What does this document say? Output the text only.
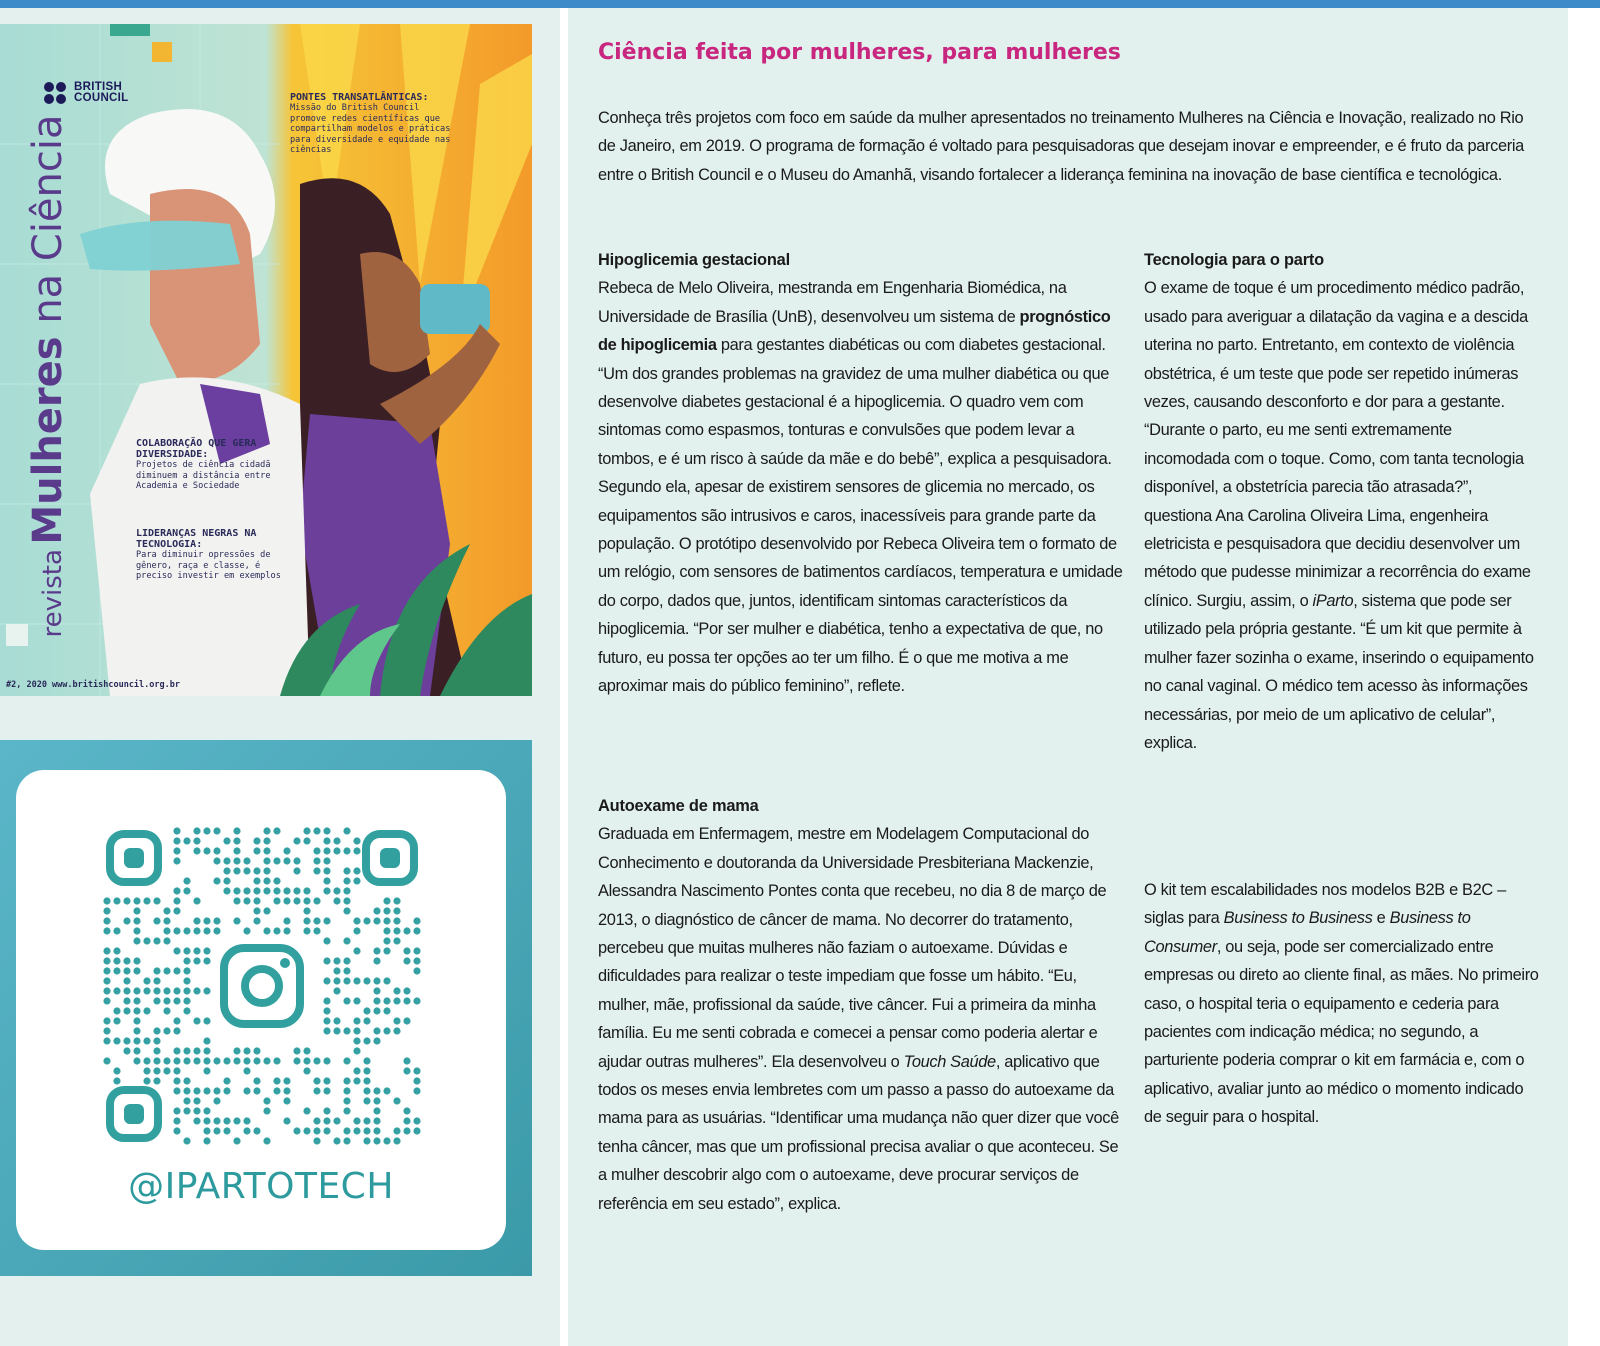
BRITISH
COUNCIL
revista Mulheres na Ciência
PONTES TRANSATLÂNTICAS:
Missão do British Council promove redes científicas que compartilham modelos e práticas para diversidade e equidade nas ciências
COLABORAÇÃO QUE GERA DIVERSIDADE:
Projetos de ciência cidadã diminuem a distância entre Academia e Sociedade
LIDERANÇAS NEGRAS NA TECNOLOGIA:
Para diminuir opressões de gênero, raça e classe, é preciso investir em exemplos
#2, 2020 www.britishcouncil.org.br
@IPARTOTECH
Ciência feita por mulheres, para mulheres

Conheça três projetos com foco em saúde da mulher apresentados no treinamento Mulheres na Ciência e Inovação, realizado no Rio de Janeiro, em 2019. O programa de formação é voltado para pesquisadoras que desejam inovar e empreender, e é fruto da parceria entre o British Council e o Museu do Amanhã, visando fortalecer a liderança feminina na inovação de base científica e tecnológica.

Hipoglicemia gestacional

Rebeca de Melo Oliveira, mestranda em Engenharia Biomédica, na Universidade de Brasília (UnB), desenvolveu um sistema de prognóstico de hipoglicemia para gestantes diabéticas ou com diabetes gestacional. “Um dos grandes problemas na gravidez de uma mulher diabética ou que desenvolve diabetes gestacional é a hipoglicemia. O quadro vem com sintomas como espasmos, tonturas e convulsões que podem levar a tombos, e é um risco à saúde da mãe e do bebê”, explica a pesquisadora. Segundo ela, apesar de existirem sensores de glicemia no mercado, os equipamentos são intrusivos e caros, inacessíveis para grande parte da população. O protótipo desenvolvido por Rebeca Oliveira tem o formato de um relógio, com sensores de batimentos cardíacos, temperatura e umidade do corpo, dados que, juntos, identificam sintomas característicos da hipoglicemia. “Por ser mulher e diabética, tenho a expectativa de que, no futuro, eu possa ter opções ao ter um filho. É o que me motiva a me aproximar mais do público feminino”, reflete.

Autoexame de mama

Graduada em Enfermagem, mestre em Modelagem Computacional do Conhecimento e doutoranda da Universidade Presbiteriana Mackenzie, Alessandra Nascimento Pontes conta que recebeu, no dia 8 de março de 2013, o diagnóstico de câncer de mama. No decorrer do tratamento, percebeu que muitas mulheres não faziam o autoexame. Dúvidas e dificuldades para realizar o teste impediam que fosse um hábito. “Eu, mulher, mãe, profissional da saúde, tive câncer. Fui a primeira da minha família. Eu me senti cobrada e comecei a pensar como poderia alertar e ajudar outras mulheres”. Ela desenvolveu o Touch Saúde, aplicativo que todos os meses envia lembretes com um passo a passo do autoexame da mama para as usuárias. “Identificar uma mudança não quer dizer que você tenha câncer, mas que um profissional precisa avaliar o que aconteceu. Se a mulher descobrir algo com o autoexame, deve procurar serviços de referência em seu estado”, explica.

Tecnologia para o parto

O exame de toque é um procedimento médico padrão, usado para averiguar a dilatação da vagina e a descida uterina no parto. Entretanto, em contexto de violência obstétrica, é um teste que pode ser repetido inúmeras vezes, causando desconforto e dor para a gestante. “Durante o parto, eu me senti extremamente incomodada com o toque. Como, com tanta tecnologia disponível, a obstetrícia parecia tão atrasada?”, questiona Ana Carolina Oliveira Lima, engenheira eletricista e pesquisadora que decidiu desenvolver um método que pudesse minimizar a recorrência do exame clínico. Surgiu, assim, o iParto, sistema que pode ser utilizado pela própria gestante. “É um kit que permite à mulher fazer sozinha o exame, inserindo o equipamento no canal vaginal. O médico tem acesso às informações necessárias, por meio de um aplicativo de celular”, explica.

O kit tem escalabilidades nos modelos B2B e B2C – siglas para Business to Business e Business to Consumer, ou seja, pode ser comercializado entre empresas ou direto ao cliente final, as mães. No primeiro caso, o hospital teria o equipamento e cederia para pacientes com indicação médica; no segundo, a parturiente poderia comprar o kit em farmácia e, com o aplicativo, avaliar junto ao médico o momento indicado de seguir para o hospital.
